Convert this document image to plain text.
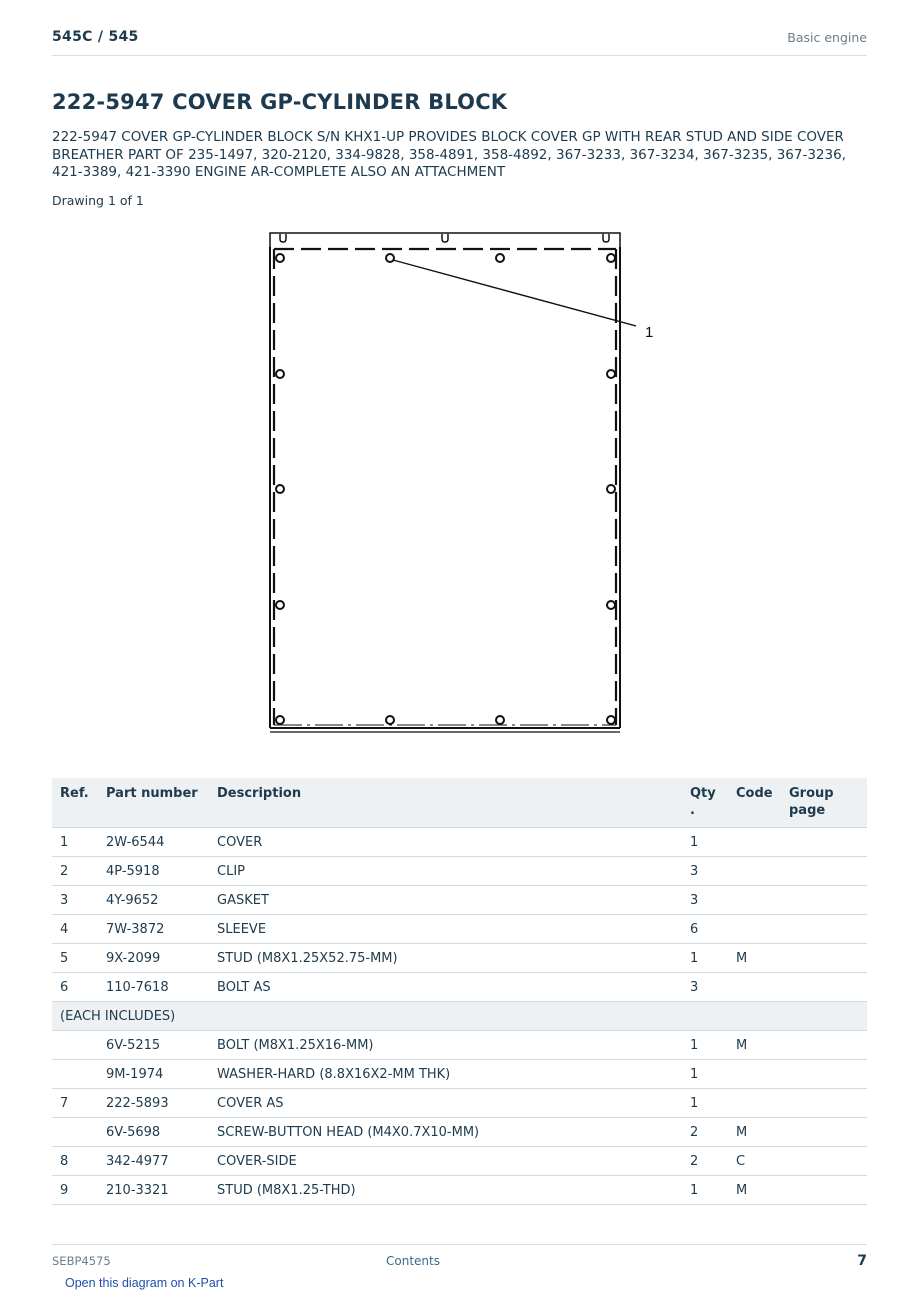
545C / 545	Basic engine
222-5947 COVER GP-CYLINDER BLOCK

222-5947 COVER GP-CYLINDER BLOCK S/N KHX1-UP PROVIDES BLOCK COVER GP WITH REAR STUD AND SIDE COVER BREATHER PART OF 235-1497, 320-2120, 334-9828, 358-4891, 358-4892, 367-3233, 367-3234, 367-3235, 367-3236, 421-3389, 421-3390 ENGINE AR-COMPLETE ALSO AN ATTACHMENT

Drawing 1 of 1
1
Ref.	Part number	Description	Qty .	Code	Group page
1	2W-6544	COVER	1		
2	4P-5918	CLIP	3		
3	4Y-9652	GASKET	3		
4	7W-3872	SLEEVE	6		
5	9X-2099	STUD (M8X1.25X52.75-MM)	1	M	
6	110-7618	BOLT AS	3		
(EACH INCLUDES)					
	6V-5215	BOLT (M8X1.25X16-MM)	1	M	
	9M-1974	WASHER-HARD (8.8X16X2-MM THK)	1		
7	222-5893	COVER AS	1		
	6V-5698	SCREW-BUTTON HEAD (M4X0.7X10-MM)	2	M	
8	342-4977	COVER-SIDE	2	C	
9	210-3321	STUD (M8X1.25-THD)	1	M	
SEBP4575	Contents	7
Open this diagram on K-Part
